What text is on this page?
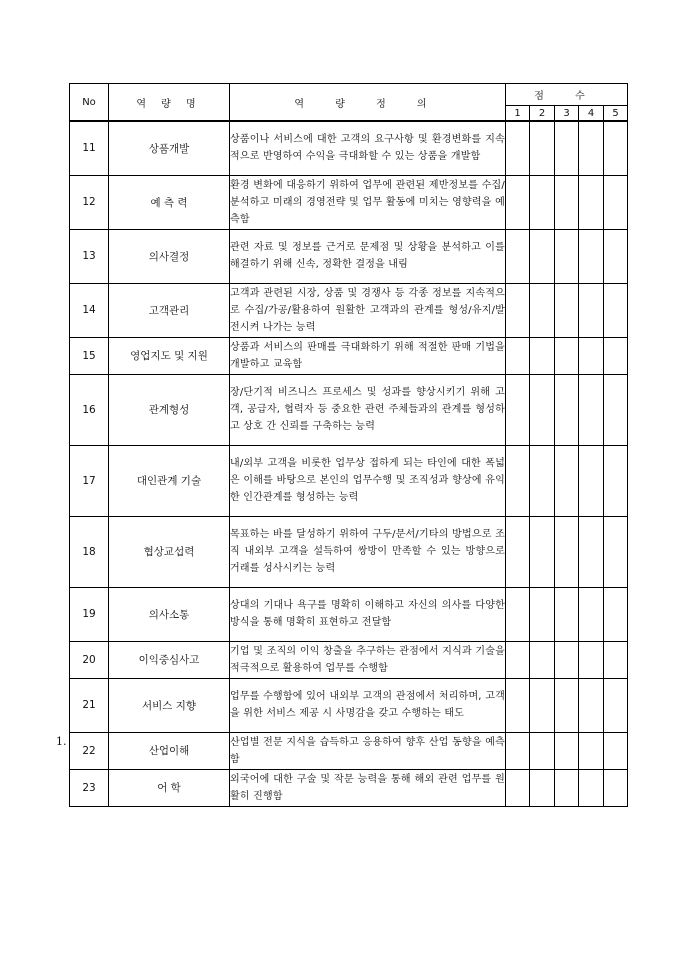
No	역 량 명	역 량 정 의	점 수				
			1	2	3	4	5
11	상품개발	상품이나 서비스에 대한 고객의 요구사항 및 환경변화를 지속적으로 반영하여 수익을 극대화할 수 있는 상품을 개발함					
12	예 측 력	환경 변화에 대응하기 위하여 업무에 관련된 제반정보를 수집/분석하고 미래의 경영전략 및 업무 활동에 미치는 영향력을 예측함					
13	의사결정	관련 자료 및 정보를 근거로 문제점 및 상황을 분석하고 이를 해결하기 위해 신속, 정확한 결정을 내림					
14	고객관리	고객과 관련된 시장, 상품 및 경쟁사 등 각종 정보를 지속적으로 수집/가공/활용하여 원활한 고객과의 관계를 형성/유지/발전시켜 나가는 능력					
15	영업지도 및 지원	상품과 서비스의 판매를 극대화하기 위해 적절한 판매 기법을 개발하고 교육함					
16	관계형성	장/단기적 비즈니스 프로세스 및 성과를 향상시키기 위해 고객, 공급자, 협력자 등 중요한 관련 주체들과의 관계를 형성하고 상호 간 신뢰를 구축하는 능력					
17	대인관계 기술	내/외부 고객을 비롯한 업무상 접하게 되는 타인에 대한 폭넓은 이해를 바탕으로 본인의 업무수행 및 조직성과 향상에 유익한 인간관계를 형성하는 능력					
18	협상교섭력	목표하는 바를 달성하기 위하여 구두/문서/기타의 방법으로 조직 내외부 고객을 설득하여 쌍방이 만족할 수 있는 방향으로 거래를 성사시키는 능력					
19	의사소통	상대의 기대나 욕구를 명확히 이해하고 자신의 의사를 다양한 방식을 통해 명확히 표현하고 전달함					
20	이익중심사고	기업 및 조직의 이익 창출을 추구하는 관점에서 지식과 기술을 적극적으로 활용하여 업무를 수행함					
21	서비스 지향	업무를 수행함에 있어 내외부 고객의 관점에서 처리하며, 고객을 위한 서비스 제공 시 사명감을 갖고 수행하는 태도					
22	산업이해	산업별 전문 지식을 습득하고 응용하여 향후 산업 동향을 예측함					
23	어 학	외국어에 대한 구술 및 작문 능력을 통해 해외 관련 업무를 원활히 진행함					
1.
